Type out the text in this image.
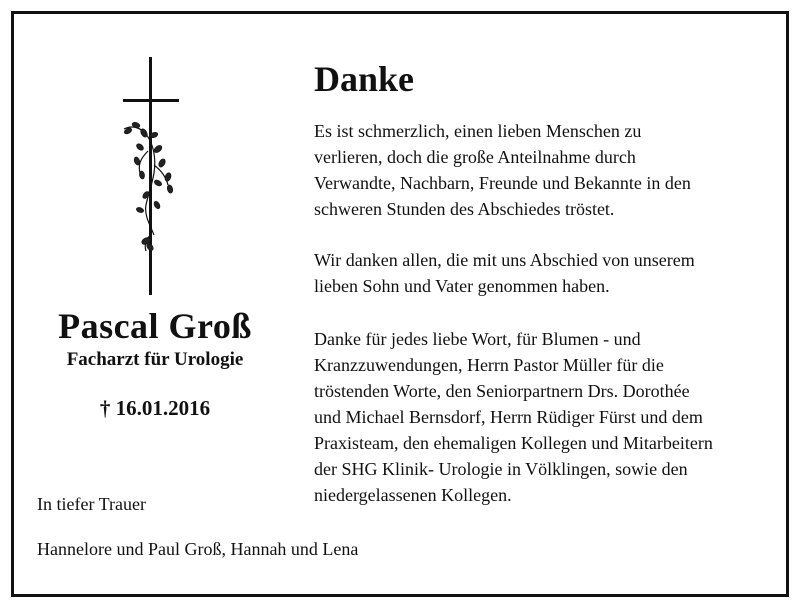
Pascal Groß
Facharzt für Urologie
† 16.01.2016
In tiefer Trauer
Hannelore und Paul Groß, Hannah und Lena
Danke
Es ist schmerzlich, einen lieben Menschen zu
verlieren, doch die große Anteilnahme durch
Verwandte, Nachbarn, Freunde und Bekannte in den
schweren Stunden des Abschiedes tröstet.
Wir danken allen, die mit uns Abschied von unserem
lieben Sohn und Vater genommen haben.
Danke für jedes liebe Wort, für Blumen - und
Kranzzuwendungen, Herrn Pastor Müller für die
tröstenden Worte, den Seniorpartnern Drs. Dorothée
und Michael Bernsdorf, Herrn Rüdiger Fürst und dem
Praxisteam, den ehemaligen Kollegen und Mitarbeitern
der SHG Klinik- Urologie in Völklingen, sowie den
niedergelassenen Kollegen.
